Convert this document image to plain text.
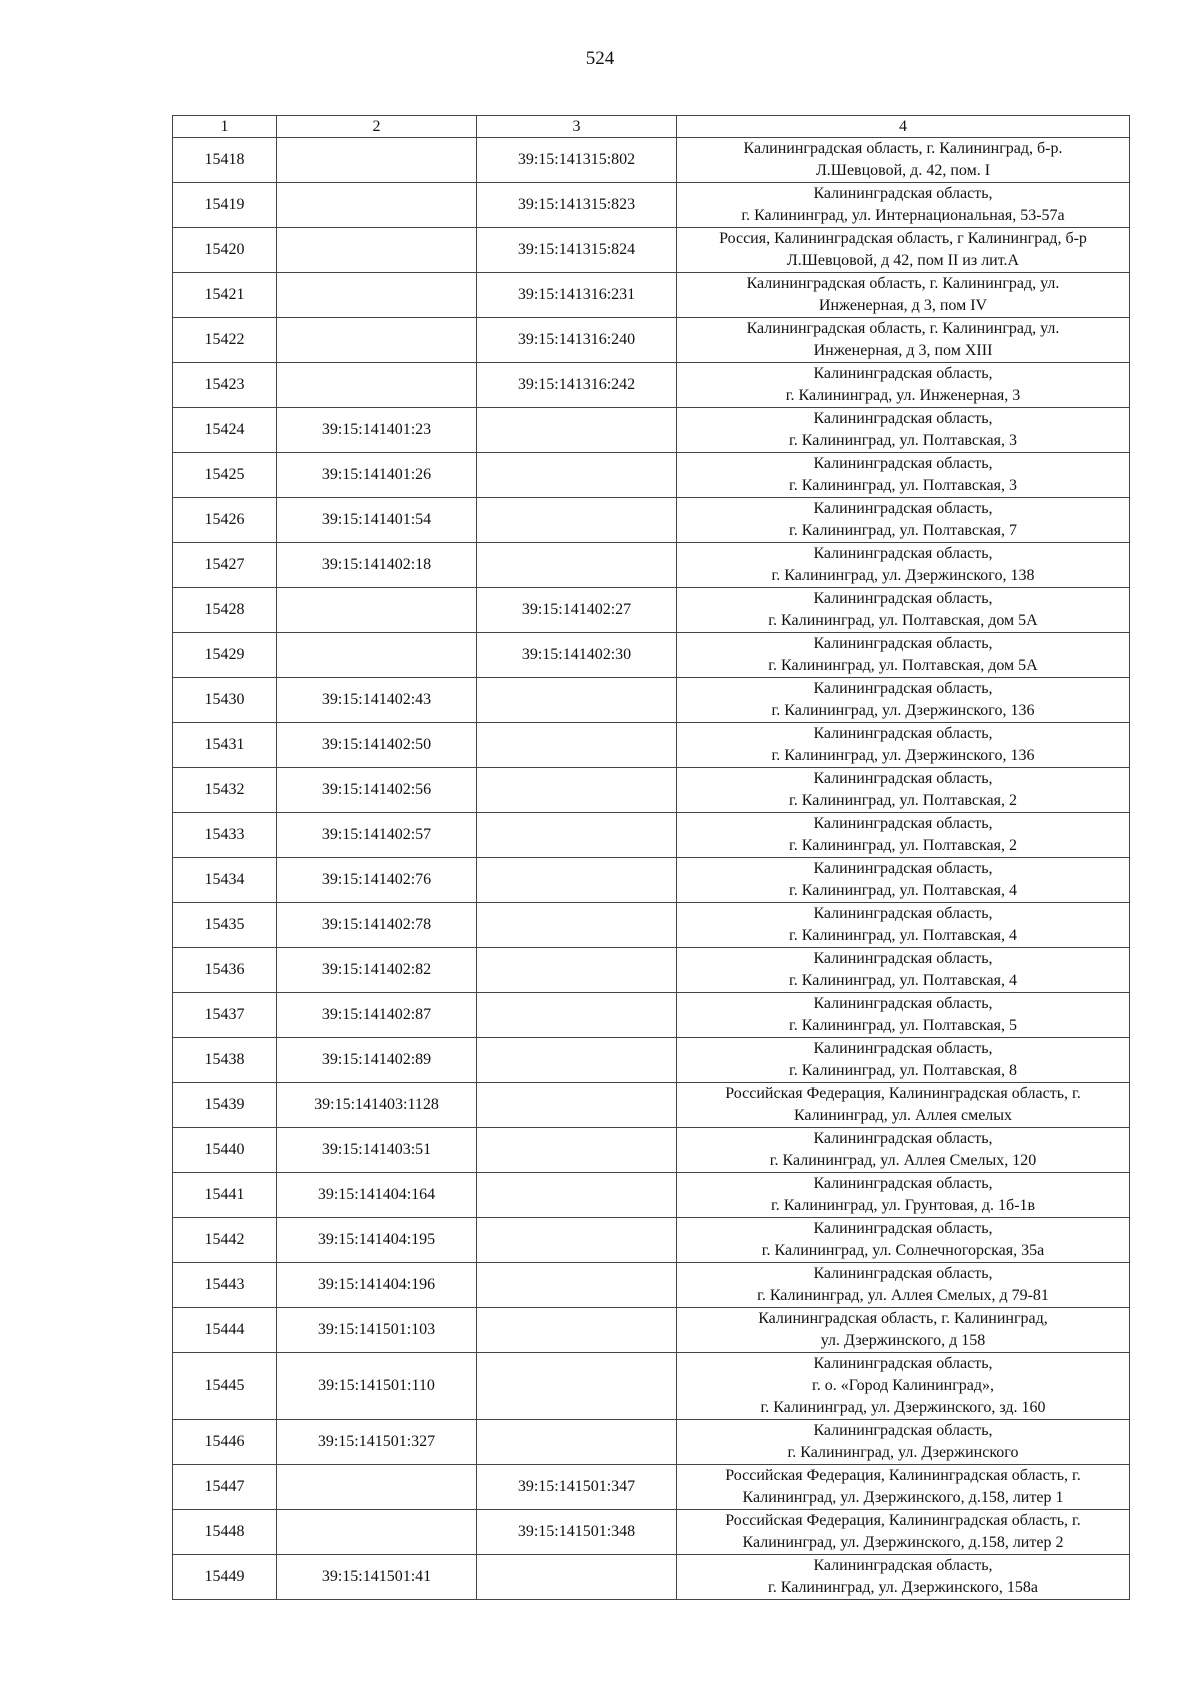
524
1	2	3	4
15418		39:15:141315:802	Калининградская область, г. Калининград, б-р.
Л.Шевцовой, д. 42, пом. I
15419		39:15:141315:823	Калининградская область,
г. Калининград, ул. Интернациональная, 53-57а
15420		39:15:141315:824	Россия, Калининградская область, г Калининград, б-р
Л.Шевцовой, д 42, пом II из лит.А
15421		39:15:141316:231	Калининградская область, г. Калининград, ул.
Инженерная, д 3, пом IV
15422		39:15:141316:240	Калининградская область, г. Калининград, ул.
Инженерная, д 3, пом XIII
15423		39:15:141316:242	Калининградская область,
г. Калининград, ул. Инженерная, 3
15424	39:15:141401:23		Калининградская область,
г. Калининград, ул. Полтавская, 3
15425	39:15:141401:26		Калининградская область,
г. Калининград, ул. Полтавская, 3
15426	39:15:141401:54		Калининградская область,
г. Калининград, ул. Полтавская, 7
15427	39:15:141402:18		Калининградская область,
г. Калининград, ул. Дзержинского, 138
15428		39:15:141402:27	Калининградская область,
г. Калининград, ул. Полтавская, дом 5А
15429		39:15:141402:30	Калининградская область,
г. Калининград, ул. Полтавская, дом 5А
15430	39:15:141402:43		Калининградская область,
г. Калининград, ул. Дзержинского, 136
15431	39:15:141402:50		Калининградская область,
г. Калининград, ул. Дзержинского, 136
15432	39:15:141402:56		Калининградская область,
г. Калининград, ул. Полтавская, 2
15433	39:15:141402:57		Калининградская область,
г. Калининград, ул. Полтавская, 2
15434	39:15:141402:76		Калининградская область,
г. Калининград, ул. Полтавская, 4
15435	39:15:141402:78		Калининградская область,
г. Калининград, ул. Полтавская, 4
15436	39:15:141402:82		Калининградская область,
г. Калининград, ул. Полтавская, 4
15437	39:15:141402:87		Калининградская область,
г. Калининград, ул. Полтавская, 5
15438	39:15:141402:89		Калининградская область,
г. Калининград, ул. Полтавская, 8
15439	39:15:141403:1128		Российская Федерация, Калининградская область, г.
Калининград, ул. Аллея смелых
15440	39:15:141403:51		Калининградская область,
г. Калининград, ул. Аллея Смелых, 120
15441	39:15:141404:164		Калининградская область,
г. Калининград, ул. Грунтовая, д. 1б-1в
15442	39:15:141404:195		Калининградская область,
г. Калининград, ул. Солнечногорская, 35а
15443	39:15:141404:196		Калининградская область,
г. Калининград, ул. Аллея Смелых, д 79-81
15444	39:15:141501:103		Калининградская область, г. Калининград,
ул. Дзержинского, д 158
15445	39:15:141501:110		Калининградская область,
г. о. «Город Калининград»,
г. Калининград, ул. Дзержинского, зд. 160
15446	39:15:141501:327		Калининградская область,
г. Калининград, ул. Дзержинского
15447		39:15:141501:347	Российская Федерация, Калининградская область, г.
Калининград, ул. Дзержинского, д.158, литер 1
15448		39:15:141501:348	Российская Федерация, Калининградская область, г.
Калининград, ул. Дзержинского, д.158, литер 2
15449	39:15:141501:41		Калининградская область,
г. Калининград, ул. Дзержинского, 158а
